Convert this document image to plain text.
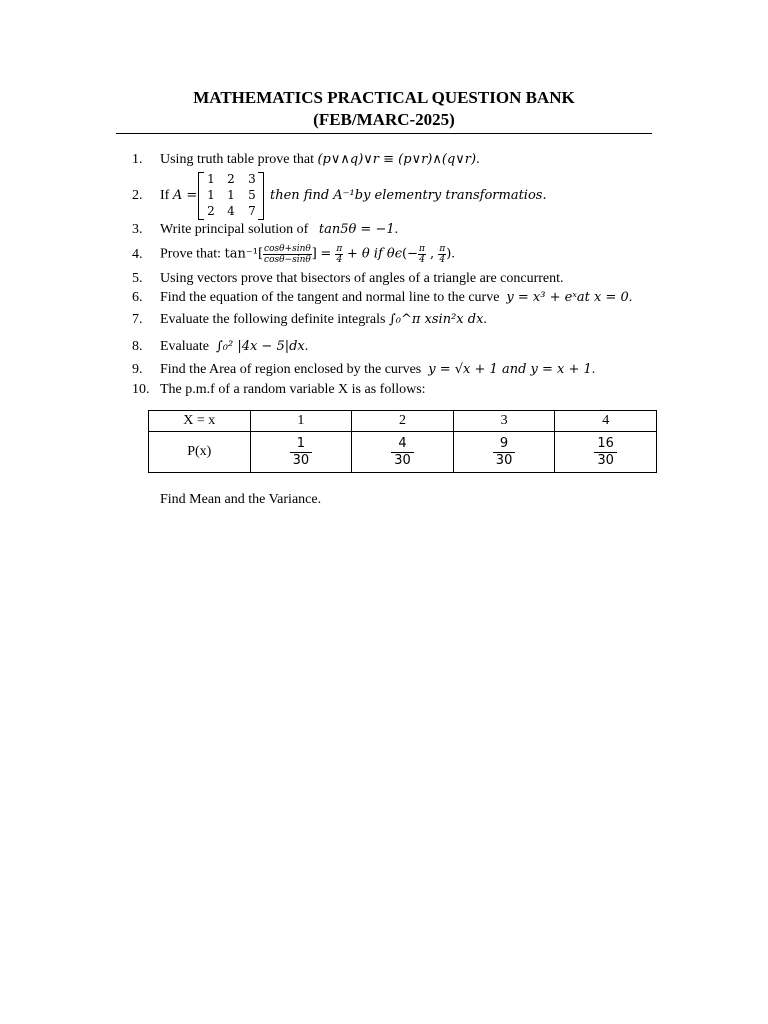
MATHEMATICS PRACTICAL QUESTION BANK
(FEB/MARC-2025)
1. Using truth table prove that (p∨∧q)∨r ≡ (p∨r)∧(q∨r).
2. If A =
1	2	3
1	1	5
2	4	7
then find A⁻¹by elementry transformatios.
3. Write principal solution of   tan5θ = −1.
4. Prove that: $\tan^{-1}[ \frac{\cos\theta+\sin\theta}{\cos\theta-\sin\theta}$ ] = $\frac{\pi}{4} + \theta$ if $\theta\epsilon(- \frac{\pi}{4}$ , $\frac{\pi}{4}$ ).
5. Using vectors prove that bisectors of angles of a triangle are concurrent.
6. Find the equation of the tangent and normal line to the curve  y = x³ + eˣat x = 0.
7. Evaluate the following definite integrals ∫₀^π xsin²x dx.
8. Evaluate  ∫₀² |4x − 5|dx.
9. Find the Area of region enclosed by the curves  y = √x + 1 and y = x + 1.
10. The p.m.f of a random variable X is as follows:
X = x	1	2	3	4
P(x)	$\frac{1}{30}$	$\frac{4}{30}$	$\frac{9}{30}$	$\frac{16}{30}$
Find Mean and the Variance.
